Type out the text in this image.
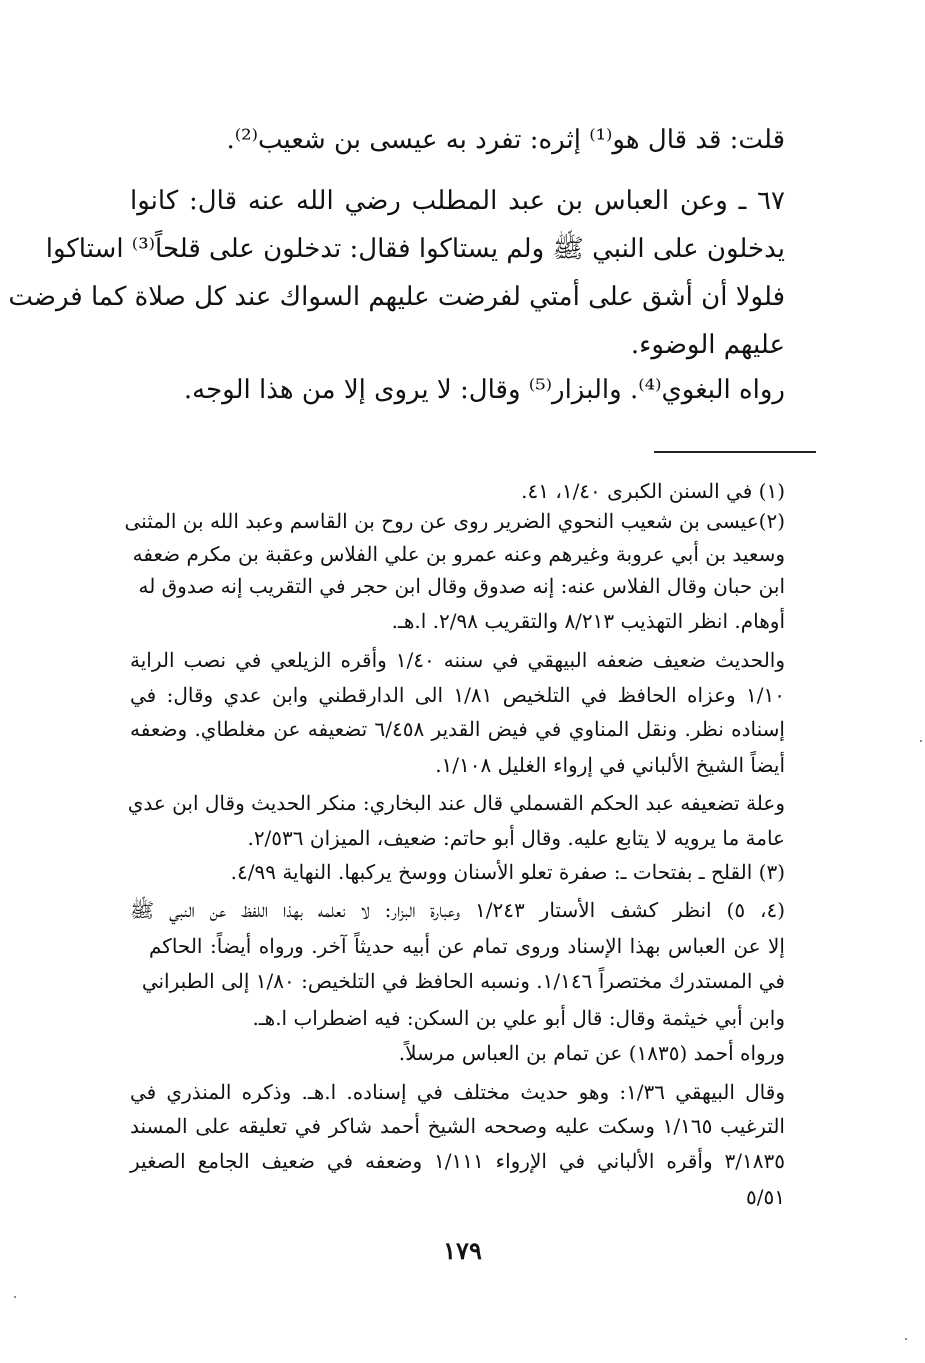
قلت: قد قال هو⁽¹⁾ إثره: تفرد به عيسى بن شعيب⁽²⁾.
٦٧ ـ وعن العباس بن عبد المطلب رضي الله عنه قال: كانوا
يدخلون على النبي ﷺ ولم يستاكوا فقال: تدخلون على قلحاً⁽³⁾ استاكوا
فلولا أن أشق على أمتي لفرضت عليهم السواك عند كل صلاة كما فرضت
عليهم الوضوء.
رواه البغوي⁽⁴⁾. والبزار⁽⁵⁾ وقال: لا يروى إلا من هذا الوجه.
(١) في السنن الكبرى ١/٤٠، ٤١.
(٢)عيسى بن شعيب النحوي الضرير روى عن روح بن القاسم وعبد الله بن المثنى
وسعيد بن أبي عروبة وغيرهم وعنه عمرو بن علي الفلاس وعقبة بن مكرم ضعفه
ابن حبان وقال الفلاس عنه: إنه صدوق وقال ابن حجر في التقريب إنه صدوق له
أوهام. انظر التهذيب ٨/٢١٣ والتقريب ٢/٩٨. ا.هـ.
والحديث ضعيف ضعفه البيهقي في سننه ١/٤٠ وأقره الزيلعي في نصب الراية
١/١٠ وعزاه الحافظ في التلخيص ١/٨١ الى الدارقطني وابن عدي وقال: في
إسناده نظر. ونقل المناوي في فيض القدير ٦/٤٥٨ تضعيفه عن مغلطاي. وضعفه
أيضاً الشيخ الألباني في إرواء الغليل ١/١٠٨.
وعلة تضعيفه عبد الحكم القسملي قال عند البخاري: منكر الحديث وقال ابن عدي
عامة ما يرويه لا يتابع عليه. وقال أبو حاتم: ضعيف، الميزان ٢/٥٣٦.
(٣) القلح ـ بفتحات ـ: صفرة تعلو الأسنان ووسخ يركبها. النهاية ٤/٩٩.
(٤، ٥) انظر كشف الأستار ١/٢٤٣ وعبارة البزار: لا نعلمه بهذا اللفظ عن النبي ﷺ
إلا عن العباس بهذا الإسناد وروى تمام عن أبيه حديثاً آخر. ورواه أيضاً: الحاكم
في المستدرك مختصراً ١/١٤٦. ونسبه الحافظ في التلخيص: ١/٨٠ إلى الطبراني
وابن أبي خيثمة وقال: قال أبو علي بن السكن: فيه اضطراب ا.هـ.
ورواه أحمد (١٨٣٥) عن تمام بن العباس مرسلاً.
وقال البيهقي ١/٣٦: وهو حديث مختلف في إسناده. ا.هـ. وذكره المنذري في
الترغيب ١/١٦٥ وسكت عليه وصححه الشيخ أحمد شاكر في تعليقه على المسند
٣/١٨٣٥ وأقره الألباني في الإرواء ١/١١١ وضعفه في ضعيف الجامع الصغير
٥/٥١
١٧٩
